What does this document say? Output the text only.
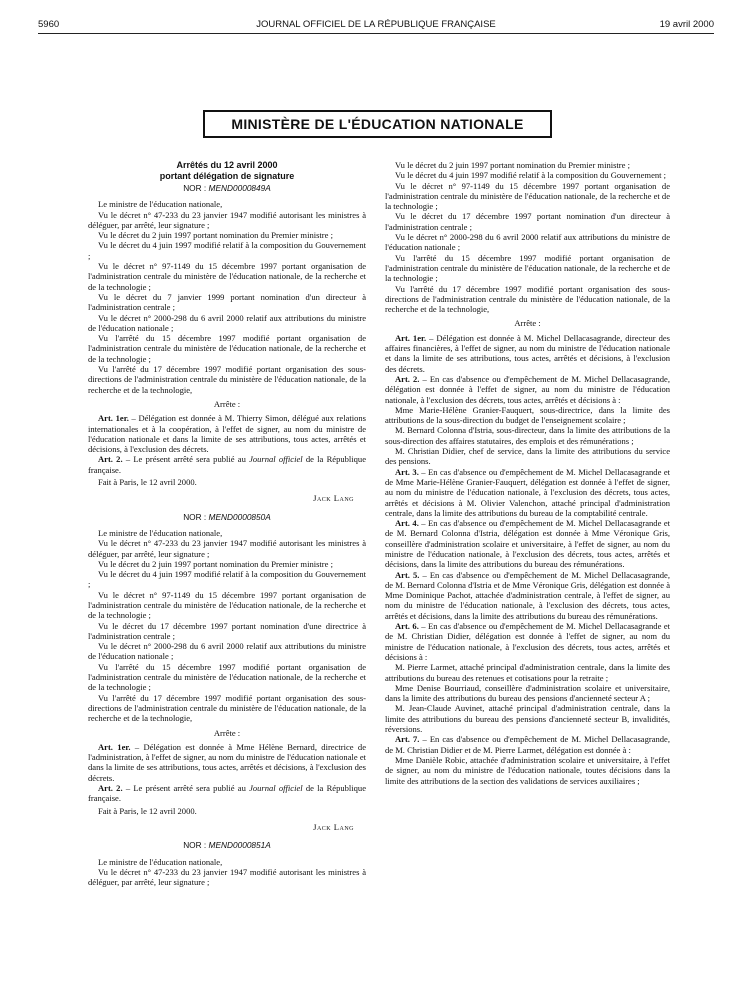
5960	JOURNAL OFFICIEL DE LA RÉPUBLIQUE FRANÇAISE	19 avril 2000
MINISTÈRE DE L'ÉDUCATION NATIONALE

Arrêtés du 12 avril 2000

portant délégation de signature

NOR : MEND0000849A

Le ministre de l'éducation nationale,

Vu le décret n° 47-233 du 23 janvier 1947 modifié autorisant les ministres à déléguer, par arrêté, leur signature ;

Vu le décret du 2 juin 1997 portant nomination du Premier ministre ;

Vu le décret du 4 juin 1997 modifié relatif à la composition du Gouvernement ;

Vu le décret n° 97-1149 du 15 décembre 1997 portant organisation de l'administration centrale du ministère de l'éducation nationale, de la recherche et de la technologie ;

Vu le décret du 7 janvier 1999 portant nomination d'un directeur à l'administration centrale ;

Vu le décret n° 2000-298 du 6 avril 2000 relatif aux attributions du ministre de l'éducation nationale ;

Vu l'arrêté du 15 décembre 1997 modifié portant organisation de l'administration centrale du ministère de l'éducation nationale, de la recherche et de la technologie ;

Vu l'arrêté du 17 décembre 1997 modifié portant organisation des sous-directions de l'administration centrale du ministère de l'éducation nationale, de la recherche et de la technologie,

Arrête :

Art. 1er. – Délégation est donnée à M. Thierry Simon, délégué aux relations internationales et à la coopération, à l'effet de signer, au nom du ministre de l'éducation nationale et dans la limite de ses attributions, tous actes, arrêtés et décisions, à l'exclusion des décrets.

Art. 2. – Le présent arrêté sera publié au Journal officiel de la République française.

Fait à Paris, le 12 avril 2000.

Jack Lang

NOR : MEND0000850A

Le ministre de l'éducation nationale,

Vu le décret n° 47-233 du 23 janvier 1947 modifié autorisant les ministres à déléguer, par arrêté, leur signature ;

Vu le décret du 2 juin 1997 portant nomination du Premier ministre ;

Vu le décret du 4 juin 1997 modifié relatif à la composition du Gouvernement ;

Vu le décret n° 97-1149 du 15 décembre 1997 portant organisation de l'administration centrale du ministère de l'éducation nationale, de la recherche et de la technologie ;

Vu le décret du 17 décembre 1997 portant nomination d'une directrice à l'administration centrale ;

Vu le décret n° 2000-298 du 6 avril 2000 relatif aux attributions du ministre de l'éducation nationale ;

Vu l'arrêté du 15 décembre 1997 modifié portant organisation de l'administration centrale du ministère de l'éducation nationale, de la recherche et de la technologie ;

Vu l'arrêté du 17 décembre 1997 modifié portant organisation des sous-directions de l'administration centrale du ministère de l'éducation nationale, de la recherche et de la technologie,

Arrête :

Art. 1er. – Délégation est donnée à Mme Hélène Bernard, directrice de l'administration, à l'effet de signer, au nom du ministre de l'éducation nationale et dans la limite de ses attributions, tous actes, arrêtés et décisions, à l'exclusion des décrets.

Art. 2. – Le présent arrêté sera publié au Journal officiel de la République française.

Fait à Paris, le 12 avril 2000.

Jack Lang

NOR : MEND0000851A

Le ministre de l'éducation nationale,

Vu le décret n° 47-233 du 23 janvier 1947 modifié autorisant les ministres à déléguer, par arrêté, leur signature ;

Vu le décret du 2 juin 1997 portant nomination du Premier ministre ;

Vu le décret du 4 juin 1997 modifié relatif à la composition du Gouvernement ;

Vu le décret n° 97-1149 du 15 décembre 1997 portant organisation de l'administration centrale du ministère de l'éducation nationale, de la recherche et de la technologie ;

Vu le décret du 17 décembre 1997 portant nomination d'un directeur à l'administration centrale ;

Vu le décret n° 2000-298 du 6 avril 2000 relatif aux attributions du ministre de l'éducation nationale ;

Vu l'arrêté du 15 décembre 1997 modifié portant organisation de l'administration centrale du ministère de l'éducation nationale, de la recherche et de la technologie ;

Vu l'arrêté du 17 décembre 1997 modifié portant organisation des sous-directions de l'administration centrale du ministère de l'éducation nationale, de la recherche et de la technologie,

Arrête :

Art. 1er. – Délégation est donnée à M. Michel Dellacasagrande, directeur des affaires financières, à l'effet de signer, au nom du ministre de l'éducation nationale et dans la limite de ses attributions, tous actes, arrêtés et décisions, à l'exclusion des décrets.

Art. 2. – En cas d'absence ou d'empêchement de M. Michel Dellacasagrande, délégation est donnée à l'effet de signer, au nom du ministre de l'éducation nationale, à l'exclusion des décrets, tous actes, arrêtés et décisions à :

Mme Marie-Hélène Granier-Fauquert, sous-directrice, dans la limite des attributions de la sous-direction du budget de l'enseignement scolaire ;

M. Bernard Colonna d'Istria, sous-directeur, dans la limite des attributions de la sous-direction des affaires statutaires, des emplois et des rémunérations ;

M. Christian Didier, chef de service, dans la limite des attributions du service des pensions.

Art. 3. – En cas d'absence ou d'empêchement de M. Michel Dellacasagrande et de Mme Marie-Hélène Granier-Fauquert, délégation est donnée à l'effet de signer, au nom du ministre de l'éducation nationale, à l'exclusion des décrets, tous actes, arrêtés et décisions à M. Olivier Valenchon, attaché principal d'administration centrale, dans la limite des attributions du bureau de la comptabilité centrale.

Art. 4. – En cas d'absence ou d'empêchement de M. Michel Dellacasagrande et de M. Bernard Colonna d'Istria, délégation est donnée à Mme Véronique Gris, conseillère d'administration scolaire et universitaire, à l'effet de signer, au nom du ministre de l'éducation nationale, à l'exclusion des décrets, tous actes, arrêtés et décisions, dans la limite des attributions du bureau des rémunérations.

Art. 5. – En cas d'absence ou d'empêchement de M. Michel Dellacasagrande, de M. Bernard Colonna d'Istria et de Mme Véronique Gris, délégation est donnée à Mme Dominique Pachot, attachée d'administration centrale, à l'effet de signer, au nom du ministre de l'éducation nationale, à l'exclusion des décrets, tous actes, arrêtés et décisions, dans la limite des attributions du bureau des rémunérations.

Art. 6. – En cas d'absence ou d'empêchement de M. Michel Dellacasagrande et de M. Christian Didier, délégation est donnée à l'effet de signer, au nom du ministre de l'éducation nationale, à l'exclusion des décrets, tous actes, arrêtés et décisions à :

M. Pierre Larmet, attaché principal d'administration centrale, dans la limite des attributions du bureau des retenues et cotisations pour la retraite ;

Mme Denise Bourriaud, conseillère d'administration scolaire et universitaire, dans la limite des attributions du bureau des pensions d'ancienneté secteur A ;

M. Jean-Claude Auvinet, attaché principal d'administration centrale, dans la limite des attributions du bureau des pensions d'ancienneté secteur B, invalidités, réversions.

Art. 7. – En cas d'absence ou d'empêchement de M. Michel Dellacasagrande, de M. Christian Didier et de M. Pierre Larmet, délégation est donnée à :

Mme Danièle Robic, attachée d'administration scolaire et universitaire, à l'effet de signer, au nom du ministre de l'éducation nationale, toutes décisions dans la limite des attributions de la section des validations de services auxiliaires ;
